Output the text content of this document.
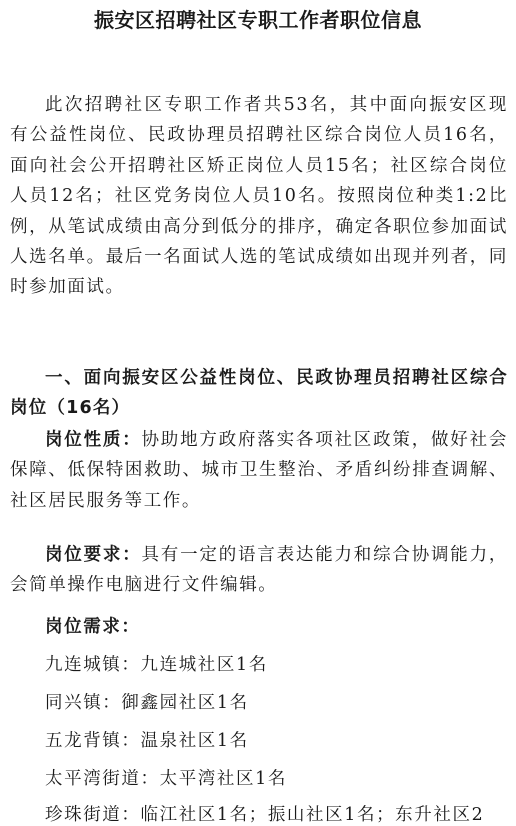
振安区招聘社区专职工作者职位信息
此次招聘社区专职工作者共53名，其中面向振安区现有公益性岗位、民政协理员招聘社区综合岗位人员16名，面向社会公开招聘社区矫正岗位人员15名；社区综合岗位人员12名；社区党务岗位人员10名。按照岗位种类1:2比例，从笔试成绩由高分到低分的排序，确定各职位参加面试人选名单。最后一名面试人选的笔试成绩如出现并列者，同时参加面试。
一、面向振安区公益性岗位、民政协理员招聘社区综合岗位（16名）
岗位性质：协助地方政府落实各项社区政策，做好社会保障、低保特困救助、城市卫生整治、矛盾纠纷排查调解、社区居民服务等工作。
岗位要求：具有一定的语言表达能力和综合协调能力，会简单操作电脑进行文件编辑。
岗位需求：
九连城镇：九连城社区1名
同兴镇：御鑫园社区1名
五龙背镇：温泉社区1名
太平湾街道：太平湾社区1名
珍珠街道：临江社区1名；振山社区1名；东升社区2
